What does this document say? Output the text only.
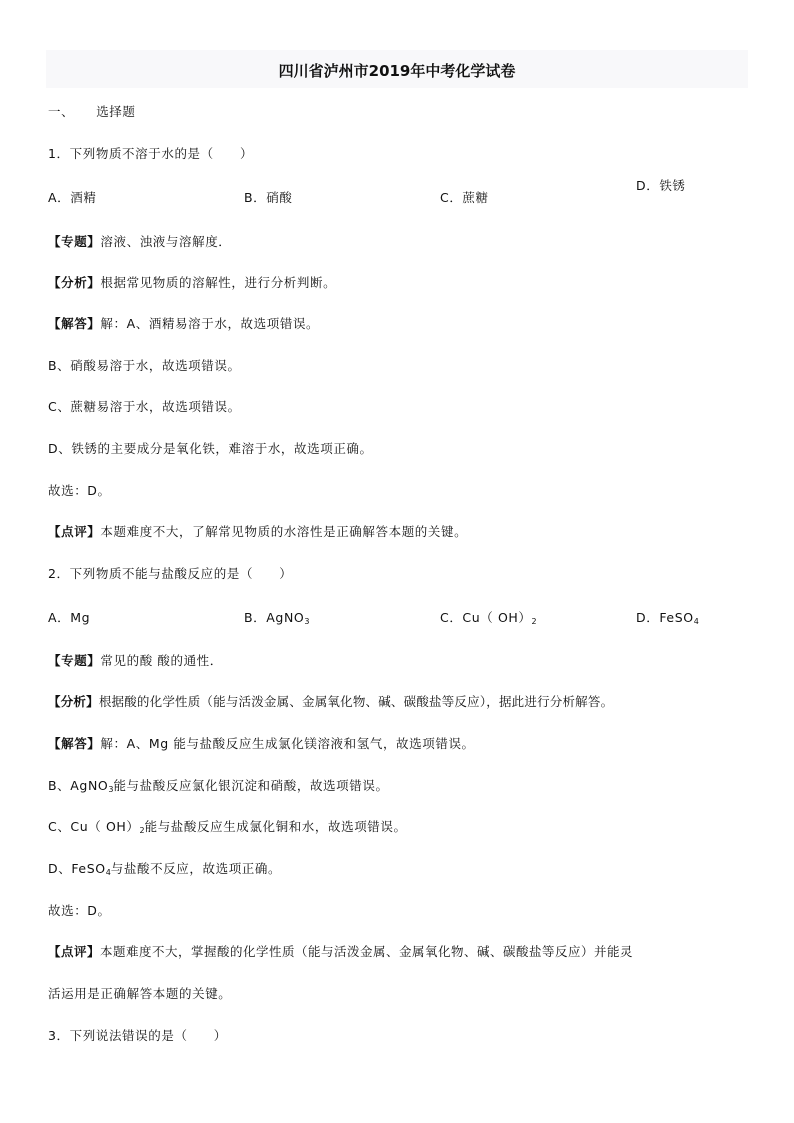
四川省泸州市2019年中考化学试卷
一、 选择题
1．下列物质不溶于水的是（　　）
A．酒精	B．硝酸	C．蔗糖
D．铁锈
【专题】溶液、浊液与溶解度．
【分析】根据常见物质的溶解性，进行分析判断。
【解答】解：A、酒精易溶于水，故选项错误。
B、硝酸易溶于水，故选项错误。
C、蔗糖易溶于水，故选项错误。
D、铁锈的主要成分是氧化铁，难溶于水，故选项正确。
故选：D。
【点评】本题难度不大，了解常见物质的水溶性是正确解答本题的关键。
2．下列物质不能与盐酸反应的是（　　）
A．Mg	B．AgNO$_3$	C．Cu（ $OH)_2$	D．FeSO$_4$
【专题】常见的酸 酸的通性．
【分析】根据酸的化学性质（能与活泼金属、金属氧化物、碱、碳酸盐等反应），据此进行分析解答。
【解答】解：A、Mg 能与盐酸反应生成氯化镁溶液和氢气，故选项错误。
B、AgNO$_3$能与盐酸反应氯化银沉淀和硝酸，故选项错误。
C、Cu（ $OH)_2$能与盐酸反应生成氯化铜和水，故选项错误。
D、FeSO$_4$与盐酸不反应，故选项正确。
故选：D。
【点评】本题难度不大，掌握酸的化学性质（能与活泼金属、金属氧化物、碱、碳酸盐等反应）并能灵
活运用是正确解答本题的关键。
3．下列说法错误的是（　　）
